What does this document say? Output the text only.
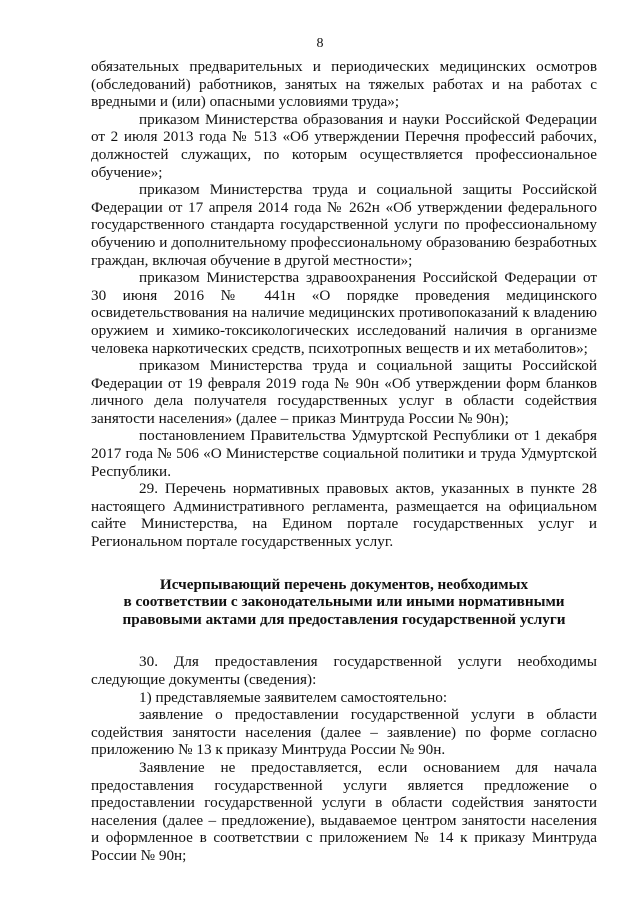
8

обязательных предварительных и периодических медицинских осмотров (обследований) работников, занятых на тяжелых работах и на работах с вредными и (или) опасными условиями труда»;

приказом Министерства образования и науки Российской Федерации от 2 июля 2013 года № 513 «Об утверждении Перечня профессий рабочих, должностей служащих, по которым осуществляется профессиональное обучение»;

приказом Министерства труда и социальной защиты Российской Федерации от 17 апреля 2014 года № 262н «Об утверждении федерального государственного стандарта государственной услуги по профессиональному обучению и дополнительному профессиональному образованию безработных граждан, включая обучение в другой местности»;

приказом Министерства здравоохранения Российской Федерации от 30 июня 2016 № 441н «О порядке проведения медицинского освидетельствования на наличие медицинских противопоказаний к владению оружием и химико-токсикологических исследований наличия в организме человека наркотических средств, психотропных веществ и их метаболитов»;

приказом Министерства труда и социальной защиты Российской Федерации от 19 февраля 2019 года № 90н «Об утверждении форм бланков личного дела получателя государственных услуг в области содействия занятости населения» (далее – приказ Минтруда России № 90н);

постановлением Правительства Удмуртской Республики от 1 декабря 2017 года № 506 «О Министерстве социальной политики и труда Удмуртской Республики.

29. Перечень нормативных правовых актов, указанных в пункте 28 настоящего Административного регламента, размещается на официальном сайте Министерства, на Едином портале государственных услуг и Региональном портале государственных услуг.

Исчерпывающий перечень документов, необходимых
в соответствии с законодательными или иными нормативными
правовыми актами для предоставления государственной услуги

30. Для предоставления государственной услуги необходимы следующие документы (сведения):

1) представляемые заявителем самостоятельно:

заявление о предоставлении государственной услуги в области содействия занятости населения (далее – заявление) по форме согласно приложению № 13 к приказу Минтруда России № 90н.

Заявление не предоставляется, если основанием для начала предоставления государственной услуги является предложение о предоставлении государственной услуги в области содействия занятости населения (далее – предложение), выдаваемое центром занятости населения и оформленное в соответствии с приложением № 14 к приказу Минтруда России № 90н;
